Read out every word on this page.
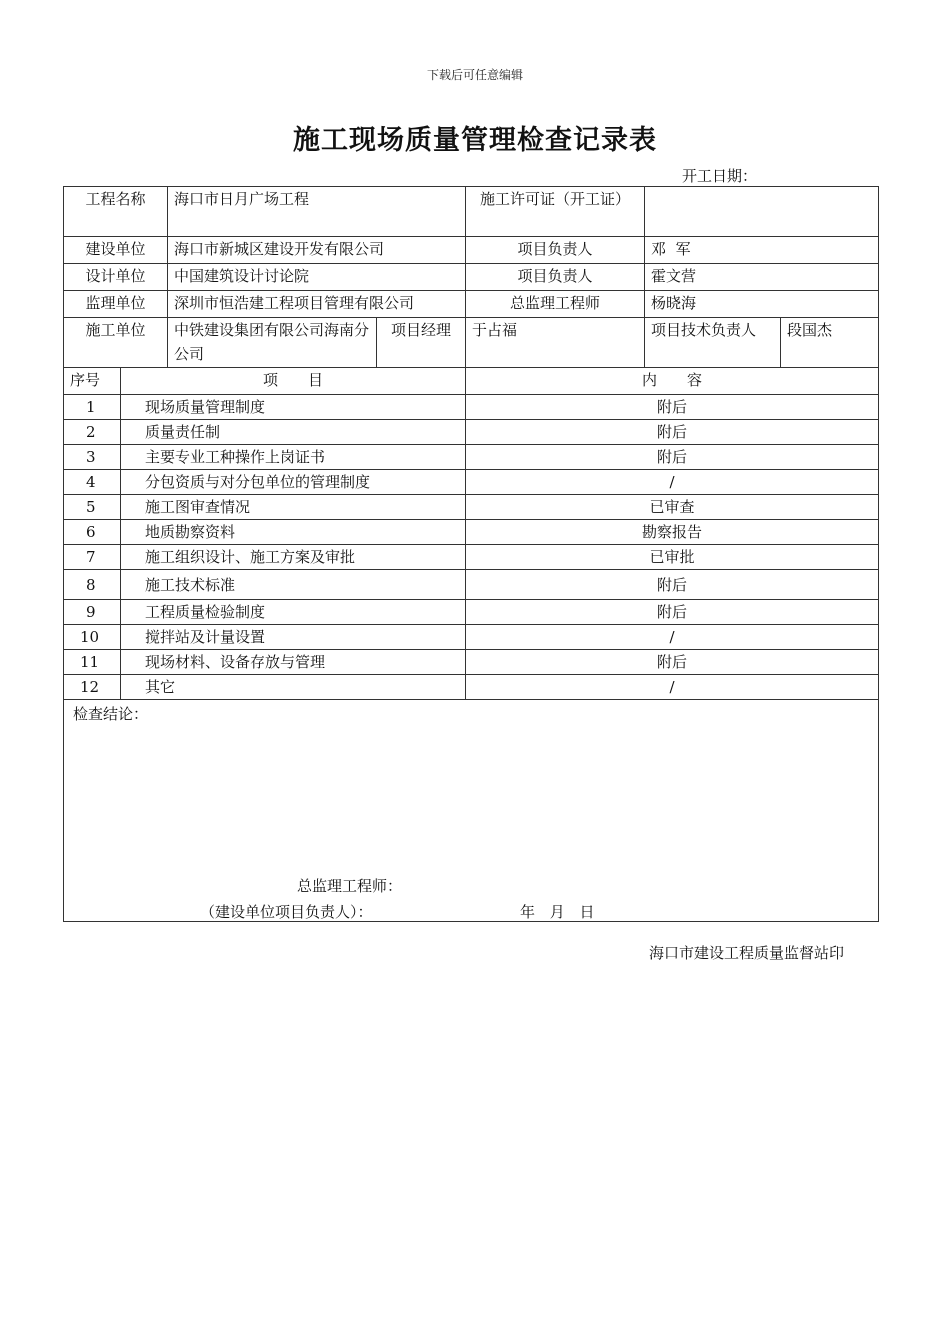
下载后可任意编辑
施工现场质量管理检查记录表
开工日期：
工程名称		海口市日月广场工程		施工许可证（开工证）		
建设单位		海口市新城区建设开发有限公司		项目负责人	邓  军	
设计单位		中国建筑设计讨论院		项目负责人	霍文营	
监理单位		深圳市恒浩建工程项目管理有限公司		总监理工程师	杨晓海	
施工单位		中铁建设集团有限公司海南分公司	项目经理	于占福	项目技术负责人	段国杰
序号	项　　目			内　　容		
1	现场质量管理制度			附后		
2	质量责任制			附后		
3	主要专业工种操作上岗证书			附后		
4	分包资质与对分包单位的管理制度			/		
5	施工图审查情况			已审查		
6	地质勘察资料			勘察报告		
7	施工组织设计、施工方案及审批			已审批		
8	施工技术标准			附后		
9	工程质量检验制度			附后		
10	搅拌站及计量设置			/		
11	现场材料、设备存放与管理			附后		
12	其它			/		

检查结论：
总监理工程师：
（建设单位项目负责人）： 年 月 日						
海口市建设工程质量监督站印
